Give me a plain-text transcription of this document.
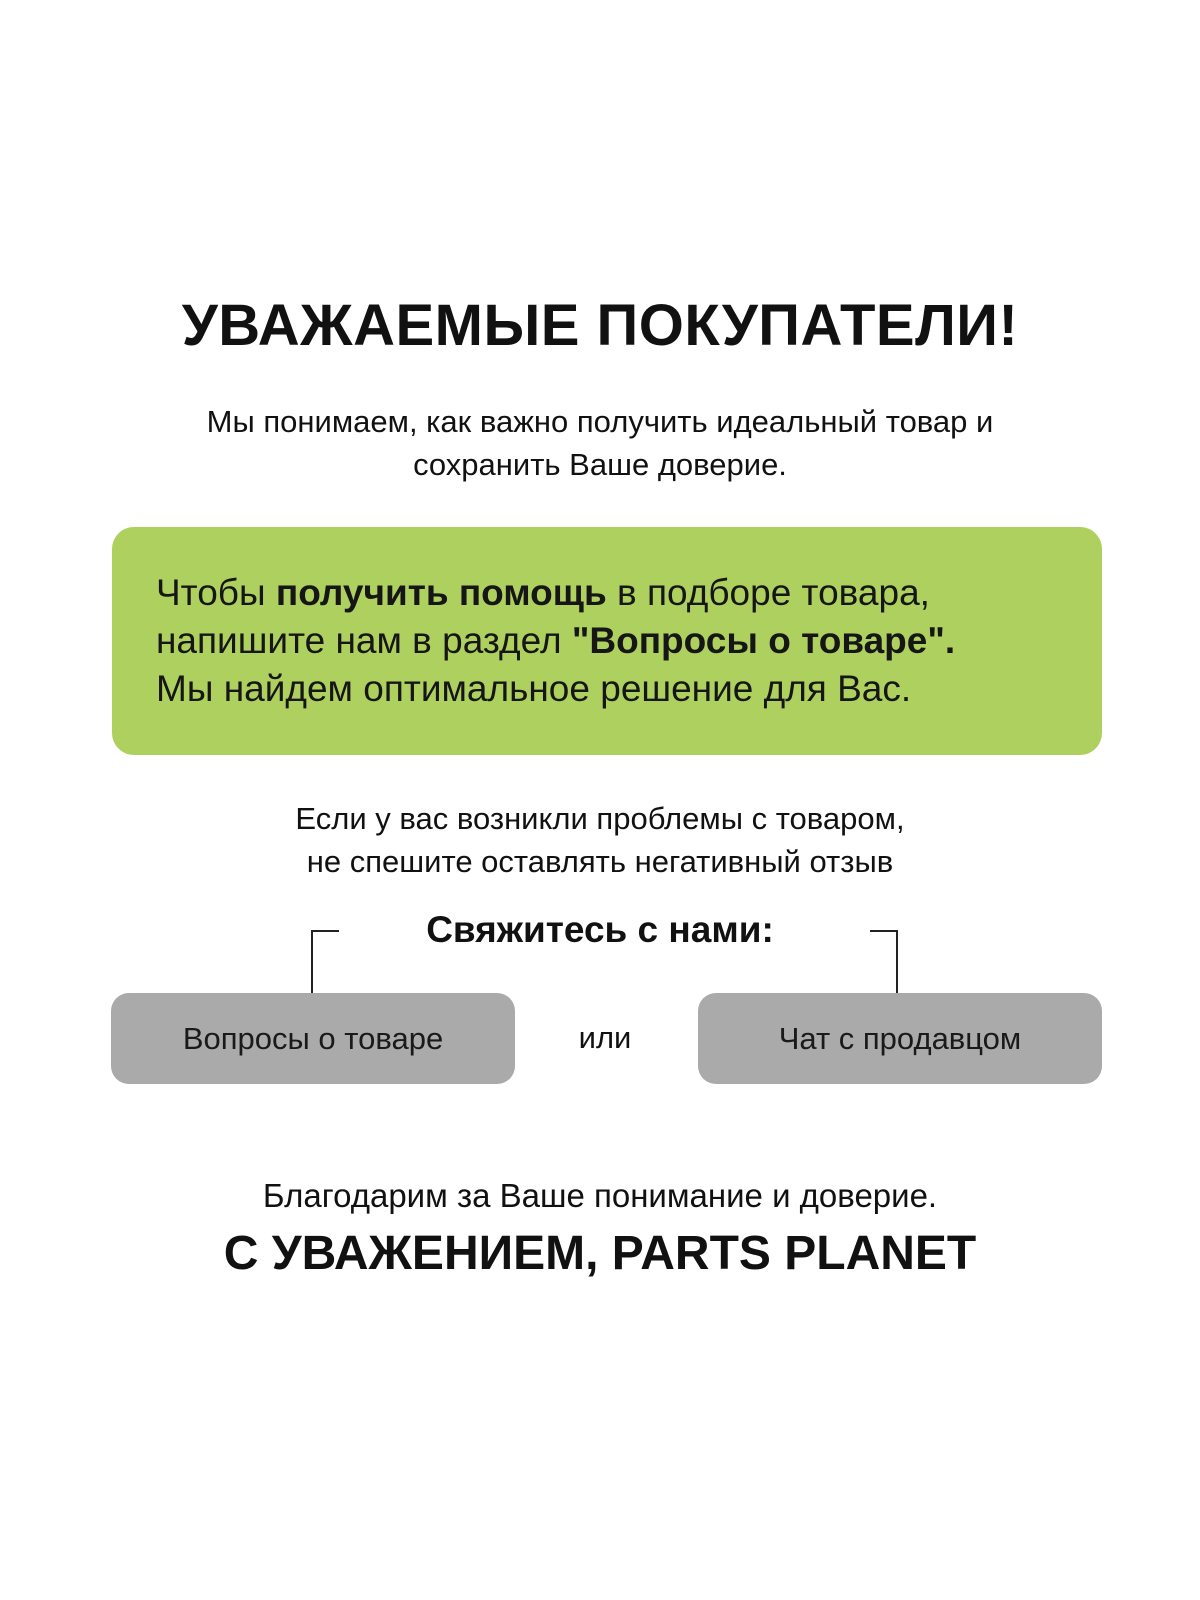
УВАЖАЕМЫЕ ПОКУПАТЕЛИ!
Мы понимаем, как важно получить идеальный товар и
сохранить Ваше доверие.
Чтобы получить помощь в подборе товара,
напишите нам в раздел "Вопросы о товаре".
Мы найдем оптимальное решение для Вас.
Если у вас возникли проблемы с товаром,
не спешите оставлять негативный отзыв
Свяжитесь с нами:
Вопросы о товаре	или	Чат с продавцом
Благодарим за Ваше понимание и доверие.
С УВАЖЕНИЕМ, PARTS PLANET
